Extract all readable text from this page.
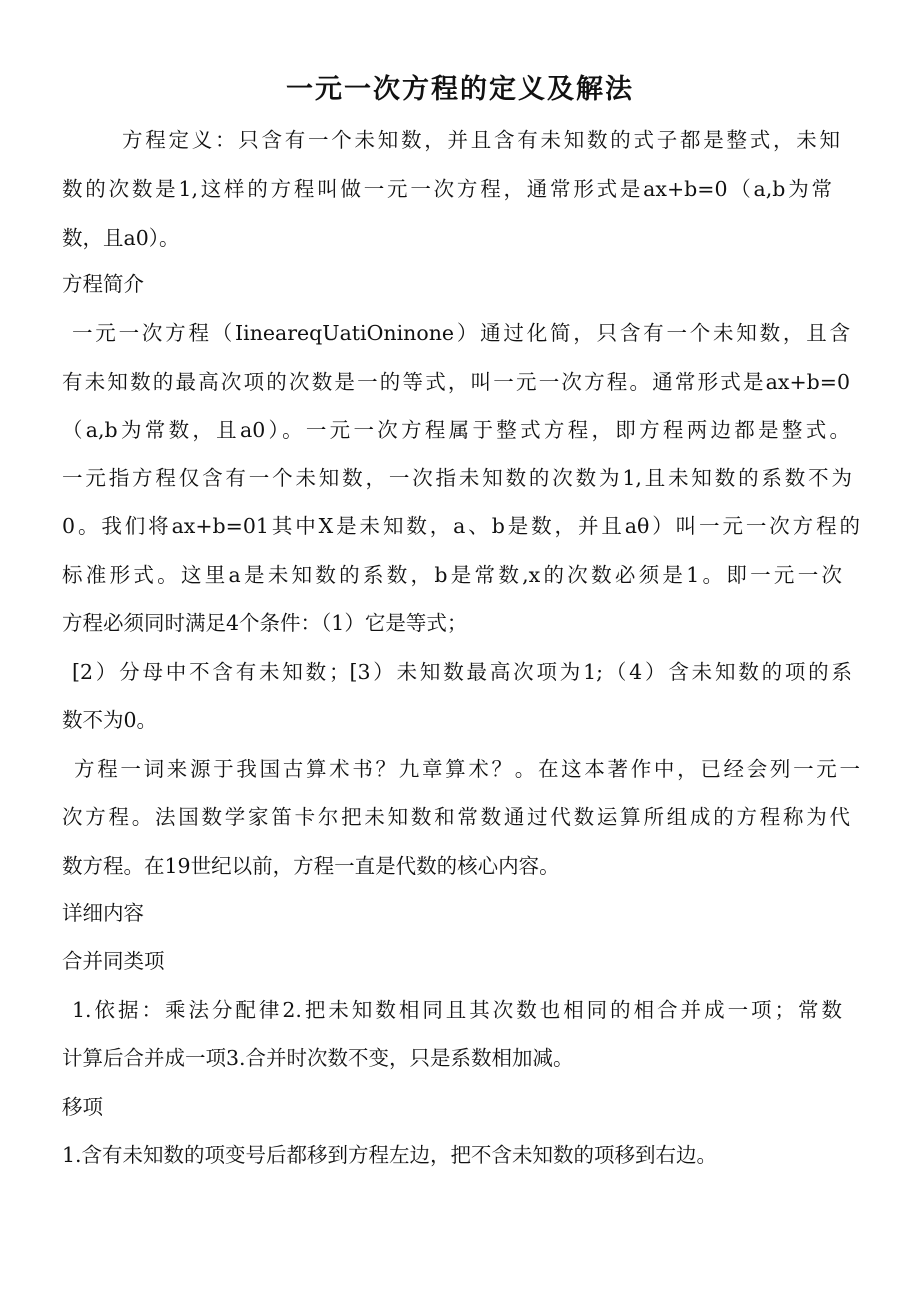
一元一次方程的定义及解法
方程定义：只含有一个未知数，并且含有未知数的式子都是整式，未知
数的次数是1,这样的方程叫做一元一次方程，通常形式是ax+b=0（a,b为常
数，且a0）。
方程简介
一元一次方程（IineareqUatiOninone）通过化简，只含有一个未知数，且含
有未知数的最高次项的次数是一的等式，叫一元一次方程。通常形式是ax+b=0
（a,b为常数，且a0）。一元一次方程属于整式方程，即方程两边都是整式。
一元指方程仅含有一个未知数，一次指未知数的次数为1,且未知数的系数不为
0。我们将ax+b=01其中X是未知数，a、b是数，并且aθ）叫一元一次方程的
标准形式。这里a是未知数的系数，b是常数,x的次数必须是1。即一元一次
方程必须同时满足4个条件：（1）它是等式；
[2）分母中不含有未知数；[3）未知数最高次项为1;（4）含未知数的项的系
数不为0。
方程一词来源于我国古算术书？九章算术？。在这本著作中，已经会列一元一
次方程。法国数学家笛卡尔把未知数和常数通过代数运算所组成的方程称为代
数方程。在19世纪以前，方程一直是代数的核心内容。
详细内容
合并同类项
1.依据：乘法分配律2.把未知数相同且其次数也相同的相合并成一项；常数
计算后合并成一项3.合并时次数不变，只是系数相加减。
移项
1.含有未知数的项变号后都移到方程左边，把不含未知数的项移到右边。
